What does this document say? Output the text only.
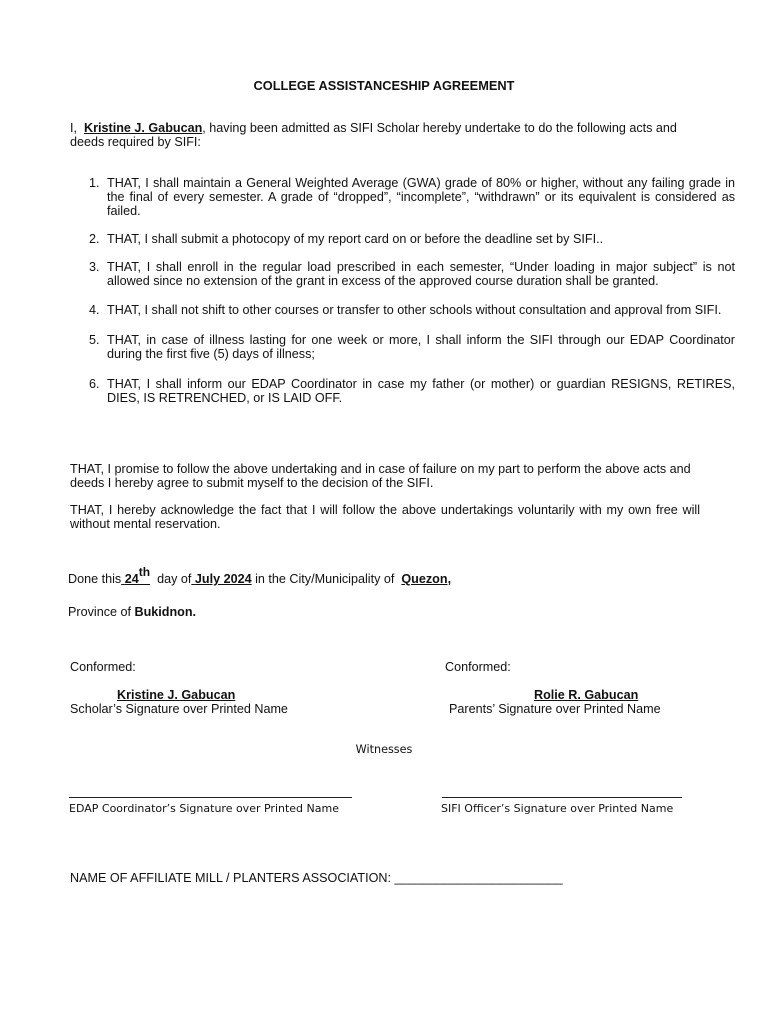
COLLEGE ASSISTANCESHIP AGREEMENT
I, Kristine J. Gabucan, having been admitted as SIFI Scholar hereby undertake to do the following acts and deeds required by SIFI:
1. THAT, I shall maintain a General Weighted Average (GWA) grade of 80% or higher, without any failing grade in the final of every semester. A grade of “dropped”, “incomplete”, “withdrawn” or its equivalent is considered as failed.
2. THAT, I shall submit a photocopy of my report card on or before the deadline set by SIFI..
3. THAT, I shall enroll in the regular load prescribed in each semester, “Under loading in major subject” is not allowed since no extension of the grant in excess of the approved course duration shall be granted.
4. THAT, I shall not shift to other courses or transfer to other schools without consultation and approval from SIFI.
5. THAT, in case of illness lasting for one week or more, I shall inform the SIFI through our EDAP Coordinator during the first five (5) days of illness;
6. THAT, I shall inform our EDAP Coordinator in case my father (or mother) or guardian RESIGNS, RETIRES, DIES, IS RETRENCHED, or IS LAID OFF.
THAT, I promise to follow the above undertaking and in case of failure on my part to perform the above acts and deeds I hereby agree to submit myself to the decision of the SIFI.
THAT, I hereby acknowledge the fact that I will follow the above undertakings voluntarily with my own free will without mental reservation.
Done this 24th day of July 2024 in the City/Municipality of Quezon,
Province of Bukidnon.
Conformed:	Conformed:
Kristine J. Gabucan	Rolie R. Gabucan
Scholar’s Signature over Printed Name	Parents’ Signature over Printed Name
Witnesses
EDAP Coordinator’s Signature over Printed Name	SIFI Officer’s Signature over Printed Name
NAME OF AFFILIATE MILL / PLANTERS ASSOCIATION: ________________________
